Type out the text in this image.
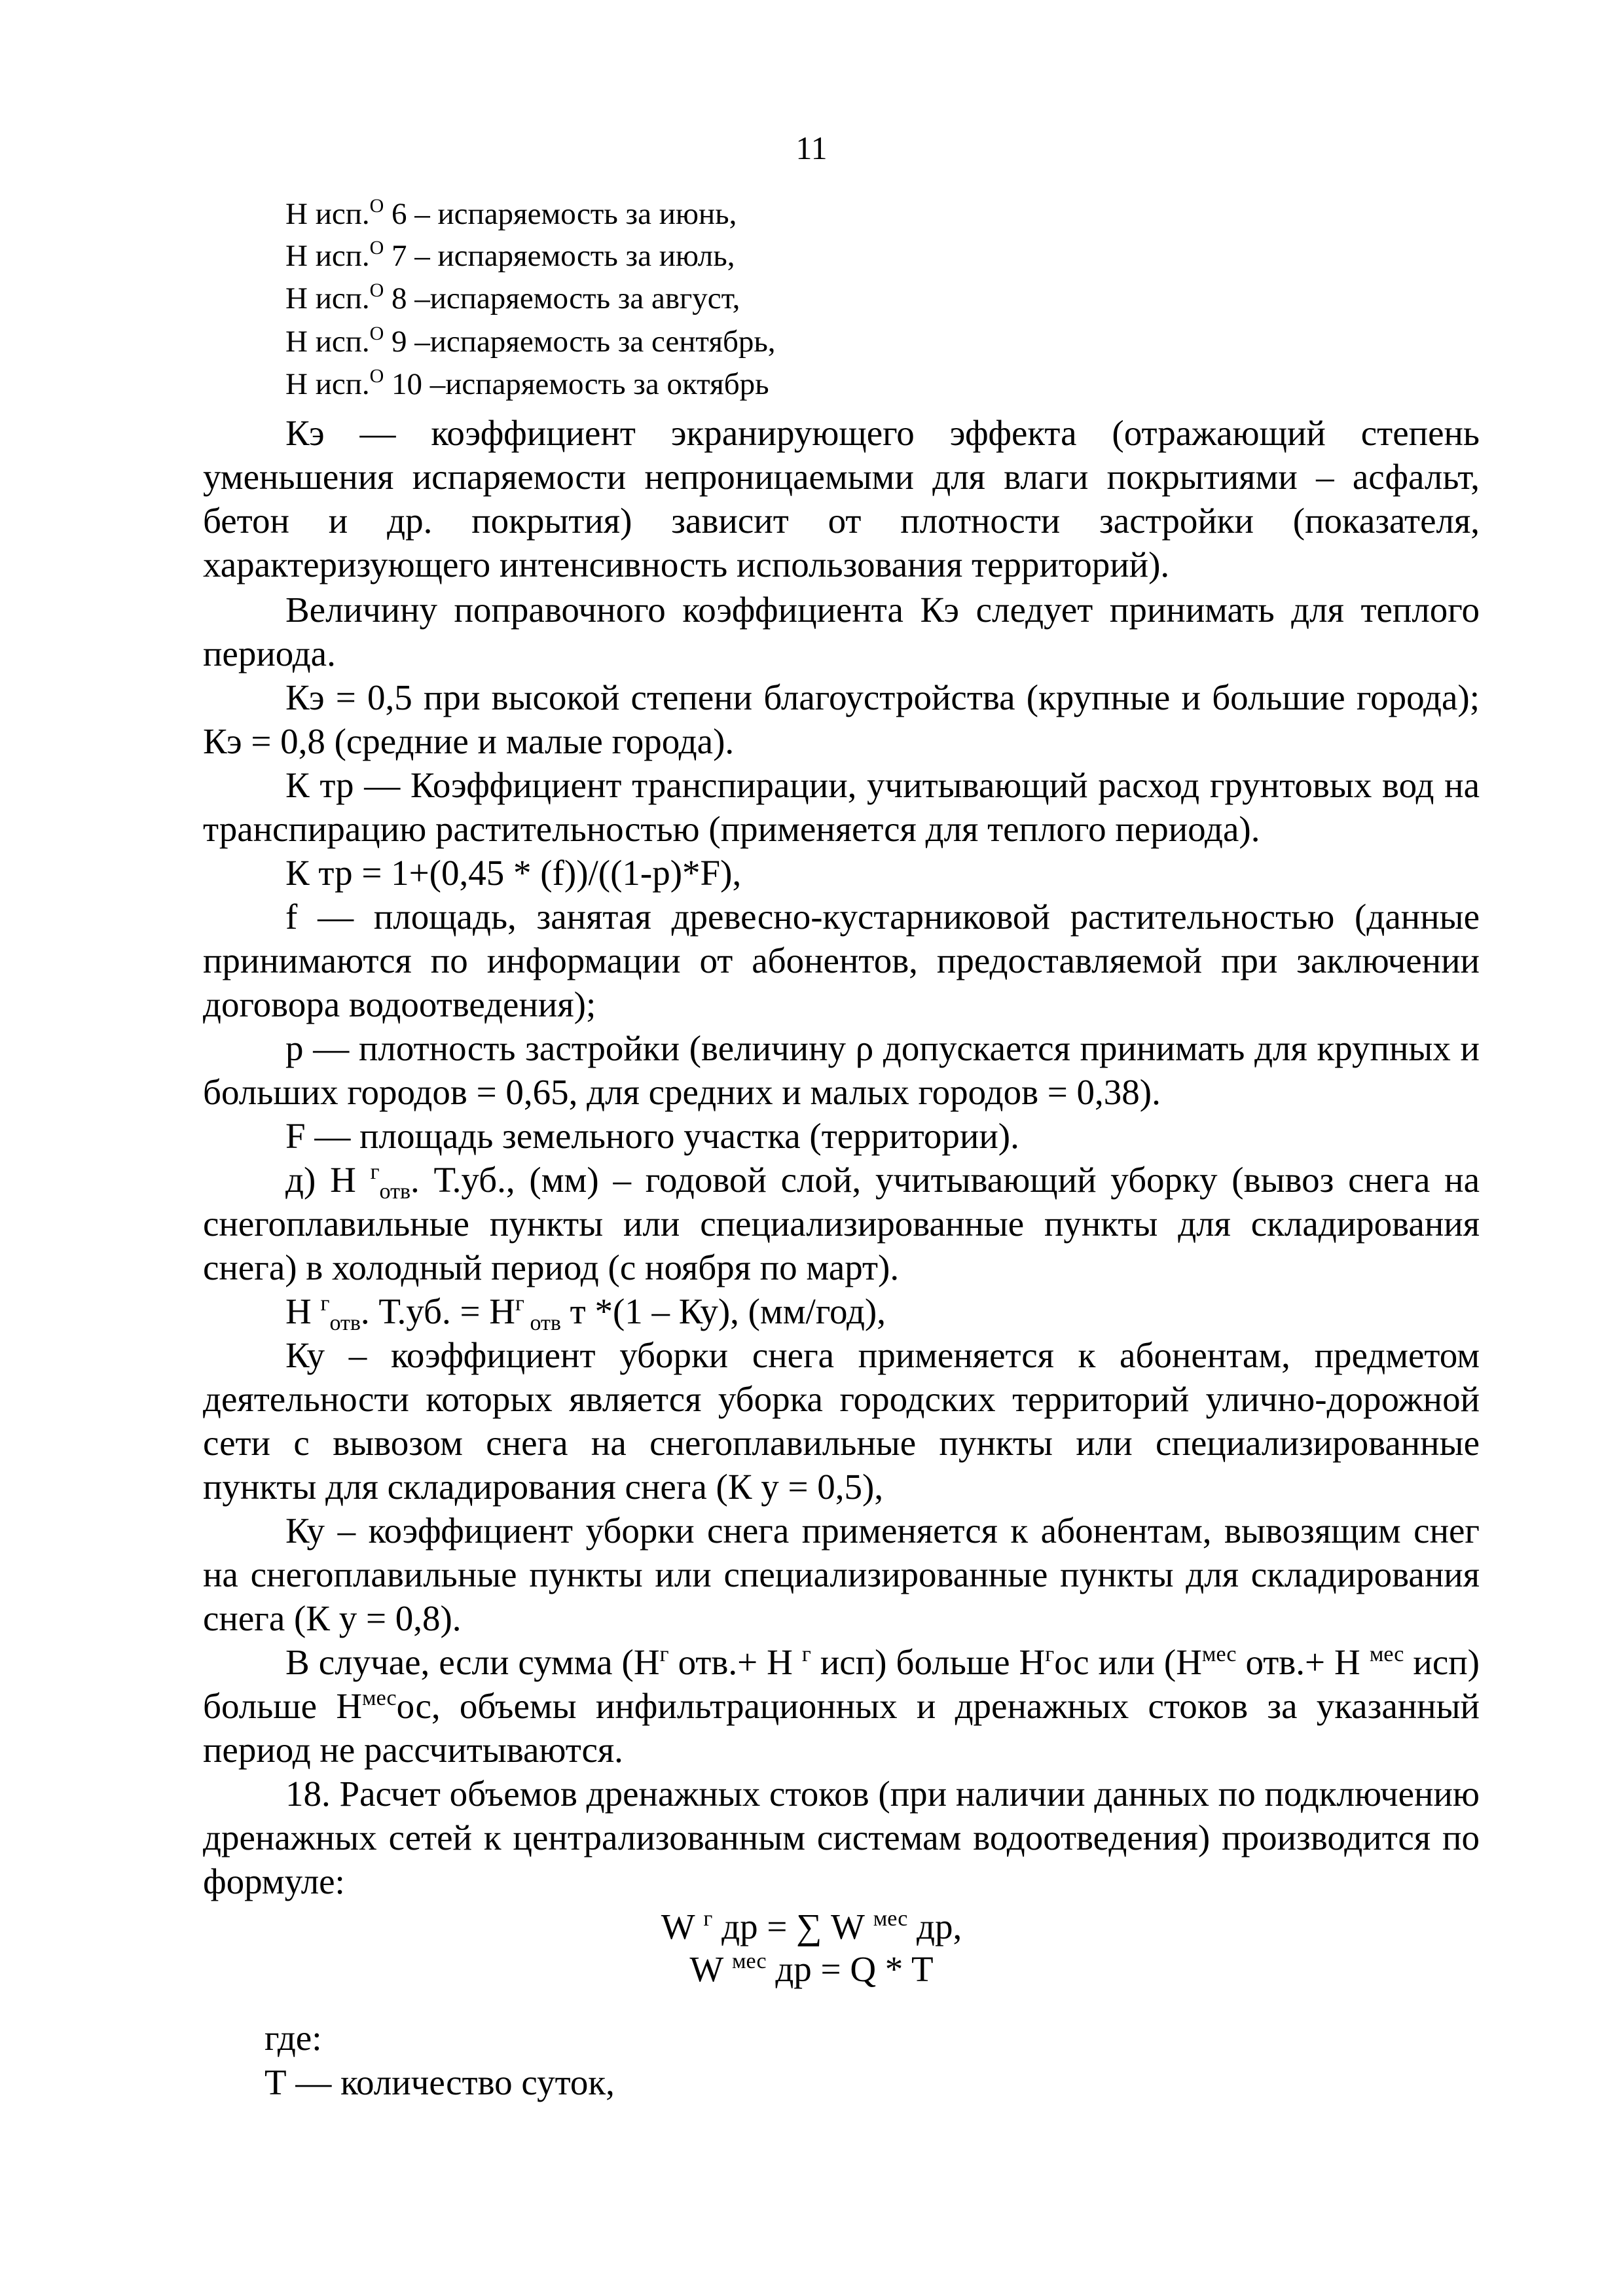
11
Н исп.$^О$ 6 – испаряемость за июнь,
Н исп.$^О$ 7 – испаряемость за июль,
Н исп.$^О$ 8 –испаряемость за август,
Н исп.$^О$ 9 –испаряемость за сентябрь,
Н исп.$^О$ 10 –испаряемость за октябрь
Кэ — коэффициент экранирующего эффекта (отражающий степень уменьшения испаряемости непроницаемыми для влаги покрытиями – асфальт, бетон и др. покрытия) зависит от плотности застройки (показателя, характеризующего интенсивность использования территорий).
Величину поправочного коэффициента Кэ следует принимать для теплого периода.
Кэ = 0,5 при высокой степени благоустройства (крупные и большие города); Кэ = 0,8 (средние и малые города).
К тр — Коэффициент транспирации, учитывающий расход грунтовых вод на транспирацию растительностью (применяется для теплого периода).
К тр = 1+(0,45 * (f))/((1-p)*F),
f — площадь, занятая древесно-кустарниковой растительностью (данные принимаются по информации от абонентов, предоставляемой при заключении договора водоотведения);
р — плотность застройки (величину ρ допускается принимать для крупных и больших городов = 0,65, для средних и малых городов = 0,38).
F — площадь земельного участка (территории).
д) Н $^г$отв. Т.уб., (мм) – годовой слой, учитывающий уборку (вывоз снега на снегоплавильные пункты или специализированные пункты для складирования снега) в холодный период (с ноября по март).
Н $^г$отв. Т.уб. = $Н^г$ отв т *(1 – Ку), (мм/год),
Ку – коэффициент уборки снега применяется к абонентам, предметом деятельности которых является уборка городских территорий улично-дорожной сети с вывозом снега на снегоплавильные пункты или специализированные пункты для складирования снега (К у = 0,5),
Ку – коэффициент уборки снега применяется к абонентам, вывозящим снег на снегоплавильные пункты или специализированные пункты для складирования снега (К у = 0,8).
В случае, если сумма ($Н^г$ отв.+ Н $^г$ исп) больше $Н^гос$ или ($Н^{мес}$ отв.+ Н $^{мес}$ исп) больше $Н^{мес}ос$, объемы инфильтрационных и дренажных стоков за указанный период не рассчитываются.
18. Расчет объемов дренажных стоков (при наличии данных по подключению дренажных сетей к централизованным системам водоотведения) производится по формуле:
W $^г$ др = ∑ W $^{мес}$ др,
W $^{мес}$ др = Q * T
где:
Т — количество суток,
